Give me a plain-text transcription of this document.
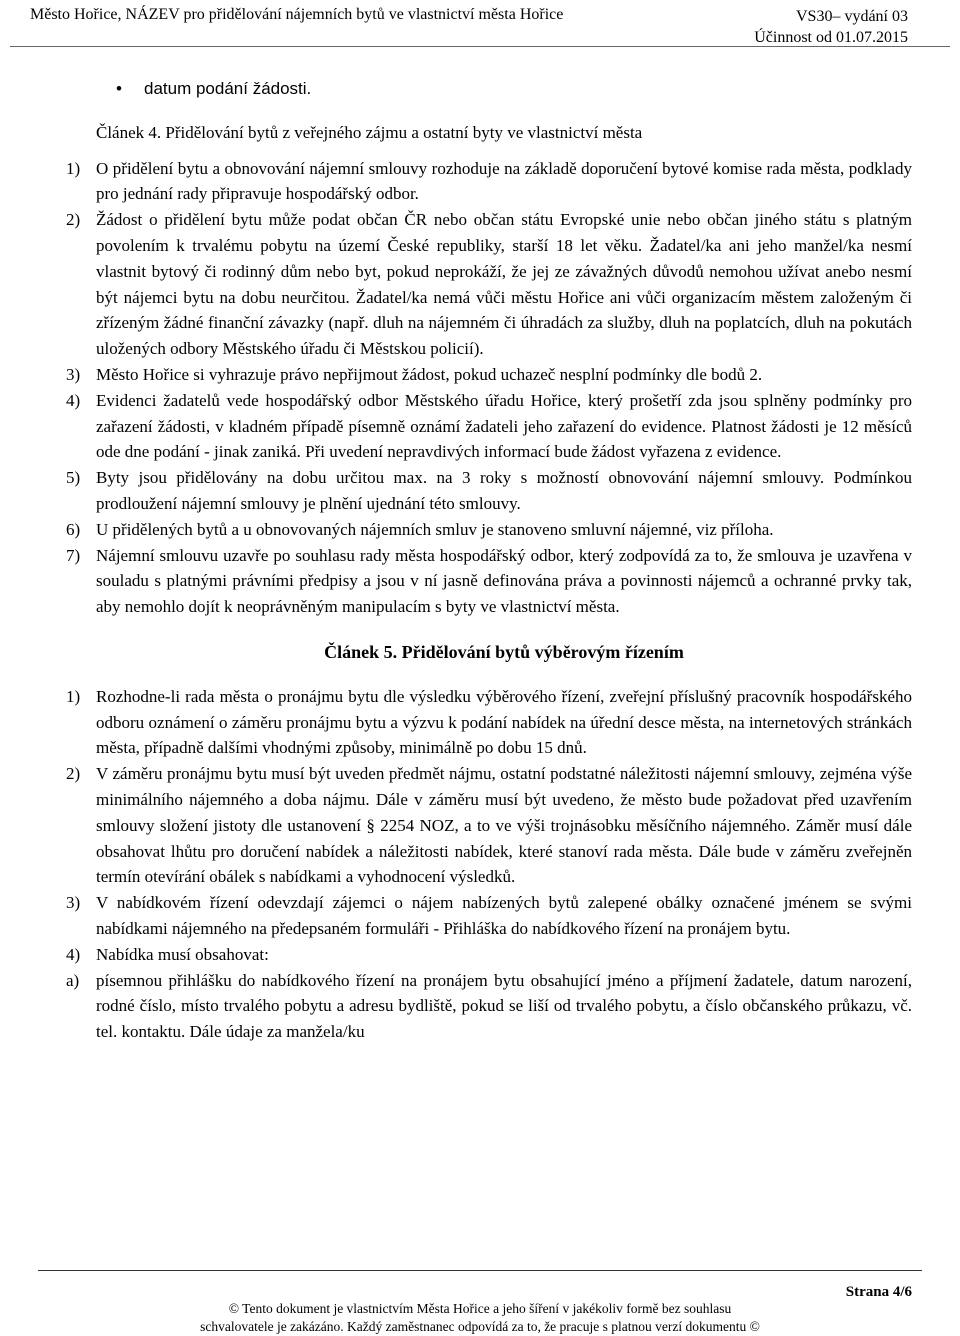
Město Hořice, NÁZEV pro přidělování nájemních bytů ve vlastnictví města Hořice	VS30– vydání 03
Účinnost od 01.07.2015
• datum podání žádosti.
Článek 4. Přidělování bytů z veřejného zájmu a ostatní byty ve vlastnictví města
1) O přidělení bytu a obnovování nájemní smlouvy rozhoduje na základě doporučení bytové komise rada města, podklady pro jednání rady připravuje hospodářský odbor.
2) Žádost o přidělení bytu může podat občan ČR nebo občan státu Evropské unie nebo občan jiného státu s platným povolením k trvalému pobytu na území České republiky, starší 18 let věku. Žadatel/ka ani jeho manžel/ka nesmí vlastnit bytový či rodinný dům nebo byt, pokud neprokáží, že jej ze závažných důvodů nemohou užívat anebo nesmí být nájemci bytu na dobu neurčitou. Žadatel/ka nemá vůči městu Hořice ani vůči organizacím městem založeným či zřízeným žádné finanční závazky (např. dluh na nájemném či úhradách za služby, dluh na poplatcích, dluh na pokutách uložených odbory Městského úřadu či Městskou policií).
3) Město Hořice si vyhrazuje právo nepřijmout žádost, pokud uchazeč nesplní podmínky dle bodů 2.
4) Evidenci žadatelů vede hospodářský odbor Městského úřadu Hořice, který prošetří zda jsou splněny podmínky pro zařazení žádosti, v kladném případě písemně oznámí žadateli jeho zařazení do evidence. Platnost žádosti je 12 měsíců ode dne podání - jinak zaniká. Při uvedení nepravdivých informací bude žádost vyřazena z evidence.
5) Byty jsou přidělovány na dobu určitou max. na 3 roky s možností obnovování nájemní smlouvy. Podmínkou prodloužení nájemní smlouvy je plnění ujednání této smlouvy.
6) U přidělených bytů a u obnovovaných nájemních smluv je stanoveno smluvní nájemné, viz příloha.
7) Nájemní smlouvu uzavře po souhlasu rady města hospodářský odbor, který zodpovídá za to, že smlouva je uzavřena v souladu s platnými právními předpisy a jsou v ní jasně definována práva a povinnosti nájemců a ochranné prvky tak, aby nemohlo dojít k neoprávněným manipulacím s byty ve vlastnictví města.
Článek 5. Přidělování bytů výběrovým řízením
1) Rozhodne-li rada města o pronájmu bytu dle výsledku výběrového řízení, zveřejní příslušný pracovník hospodářského odboru oznámení o záměru pronájmu bytu a výzvu k podání nabídek na úřední desce města, na internetových stránkách města, případně dalšími vhodnými způsoby, minimálně po dobu 15 dnů.
2) V záměru pronájmu bytu musí být uveden předmět nájmu, ostatní podstatné náležitosti nájemní smlouvy, zejména výše minimálního nájemného a doba nájmu. Dále v záměru musí být uvedeno, že město bude požadovat před uzavřením smlouvy složení jistoty dle ustanovení § 2254 NOZ, a to ve výši trojnásobku měsíčního nájemného. Záměr musí dále obsahovat lhůtu pro doručení nabídek a náležitosti nabídek, které stanoví rada města. Dále bude v záměru zveřejněn termín otevírání obálek s nabídkami a vyhodnocení výsledků.
3) V nabídkovém řízení odevzdají zájemci o nájem nabízených bytů zalepené obálky označené jménem se svými nabídkami nájemného na předepsaném formuláři - Přihláška do nabídkového řízení na pronájem bytu.
4) Nabídka musí obsahovat:
a) písemnou přihlášku do nabídkového řízení na pronájem bytu obsahující jméno a příjmení žadatele, datum narození, rodné číslo, místo trvalého pobytu a adresu bydliště, pokud se liší od trvalého pobytu, a číslo občanského průkazu, vč. tel. kontaktu. Dále údaje za manžela/ku
Strana 4/6
© Tento dokument je vlastnictvím Města Hořice a jeho šíření v jakékoliv formě bez souhlasu
schvalovatele je zakázáno. Každý zaměstnanec odpovídá za to, že pracuje s platnou verzí dokumentu ©
